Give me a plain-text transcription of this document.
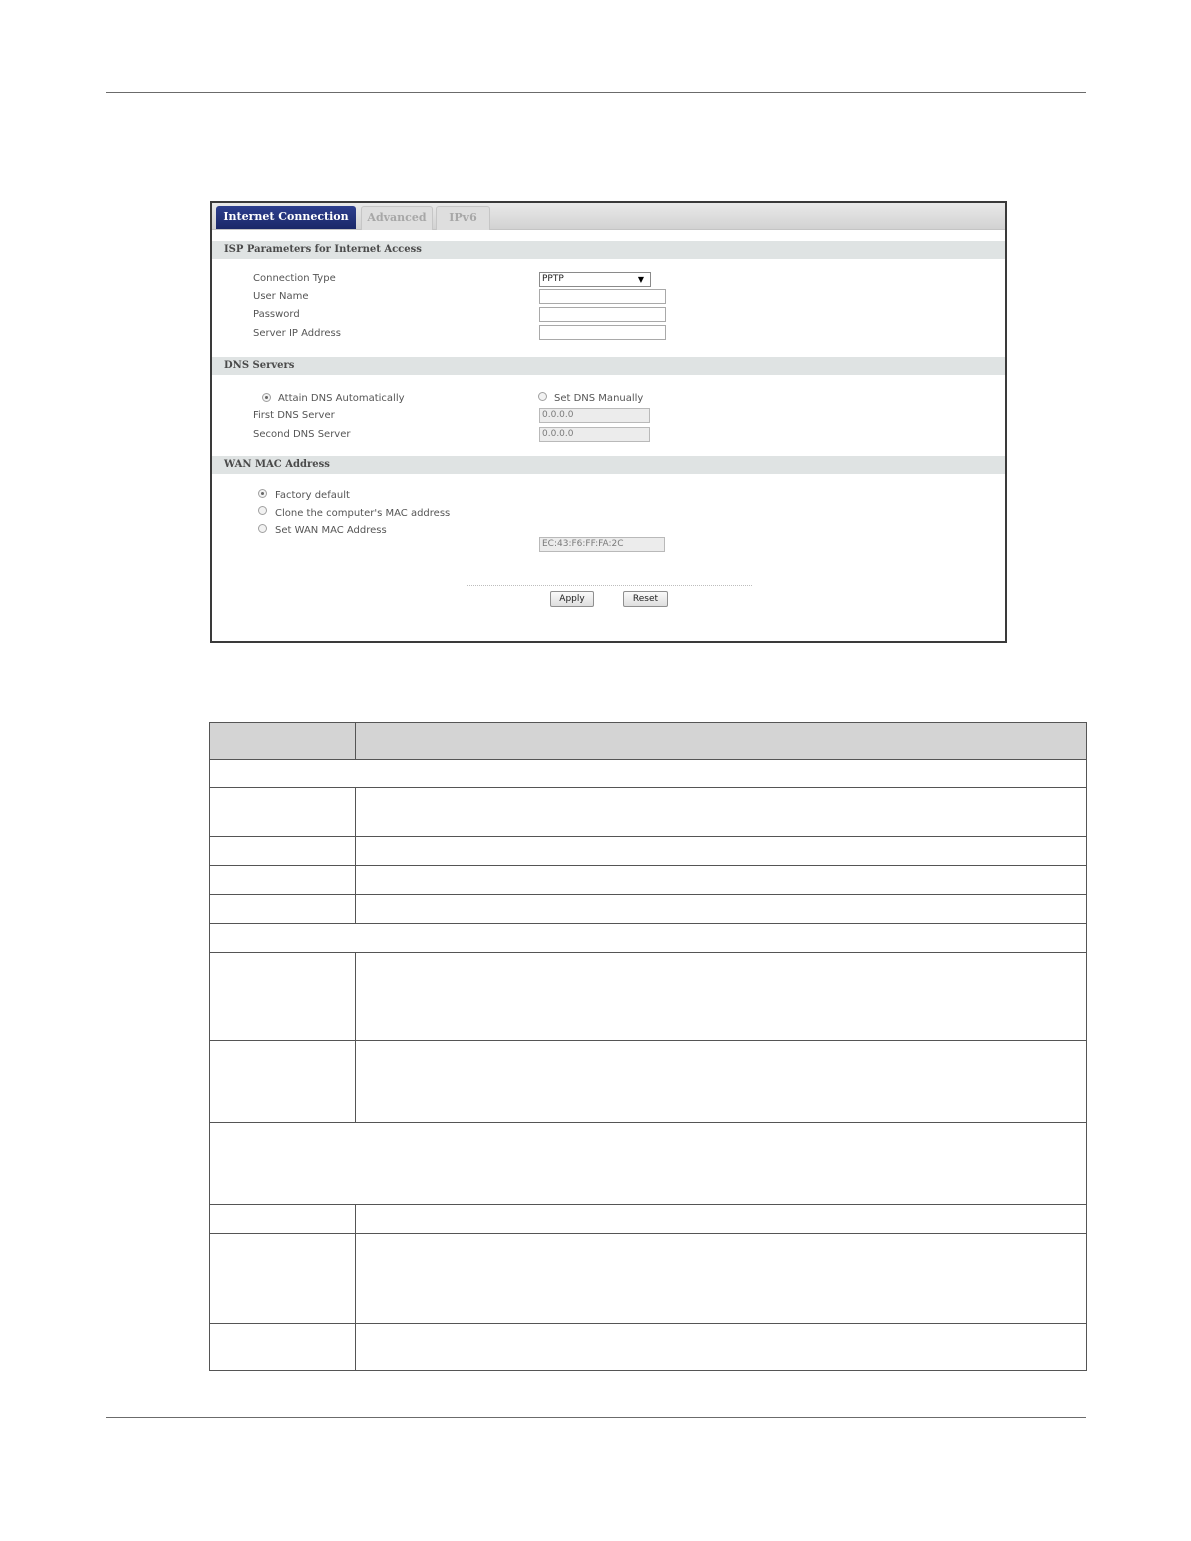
Internet Connection	Advanced	IPv6
ISP Parameters for Internet Access
Connection Type	PPTP	▼
User Name
Password
Server IP Address
DNS Servers
Attain DNS Automatically	Set DNS Manually
First DNS Server	0.0.0.0
Second DNS Server	0.0.0.0
WAN MAC Address
Factory default
Clone the computer's MAC address
Set WAN MAC Address
EC:43:F6:FF:FA:2C
Apply	Reset
